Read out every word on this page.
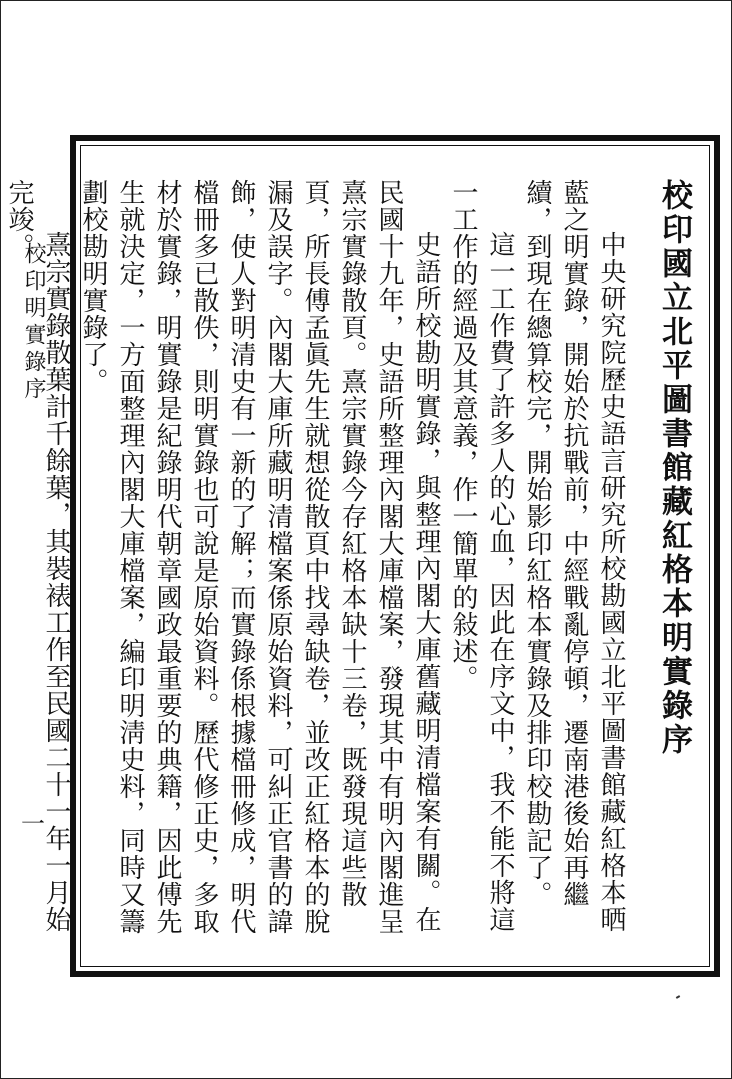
校印明實錄序
一
校印國立北平圖書館藏紅格本明實錄序

中央研究院歷史語言研究所校勘國立北平圖書館藏紅格本晒藍之明實錄，開始於抗戰前，中經戰亂停頓，遷南港後始再繼續，到現在總算校完，開始影印紅格本實錄及排印校勘記了。

這一工作費了許多人的心血，因此在序文中，我不能不將這一工作的經過及其意義，作一簡單的敍述。

史語所校勘明實錄，與整理內閣大庫舊藏明清檔案有關。在民國十九年，史語所整理內閣大庫檔案，發現其中有明內閣進呈熹宗實錄散頁。熹宗實錄今存紅格本缺十三卷，既發現這些散頁，所長傅孟眞先生就想從散頁中找尋缺卷，並改正紅格本的脫漏及誤字。內閣大庫所藏明清檔案係原始資料，可糾正官書的諱飾，使人對明清史有一新的了解；而實錄係根據檔冊修成，明代檔冊多已散佚，則明實錄也可說是原始資料。歷代修正史，多取材於實錄，明實錄是紀錄明代朝章國政最重要的典籍，因此傅先生就決定，一方面整理內閣大庫檔案，編印明淸史料，同時又籌劃校勘明實錄了。

熹宗實錄散葉計千餘葉，其裝裱工作至民國二十一年一月始完竣。
